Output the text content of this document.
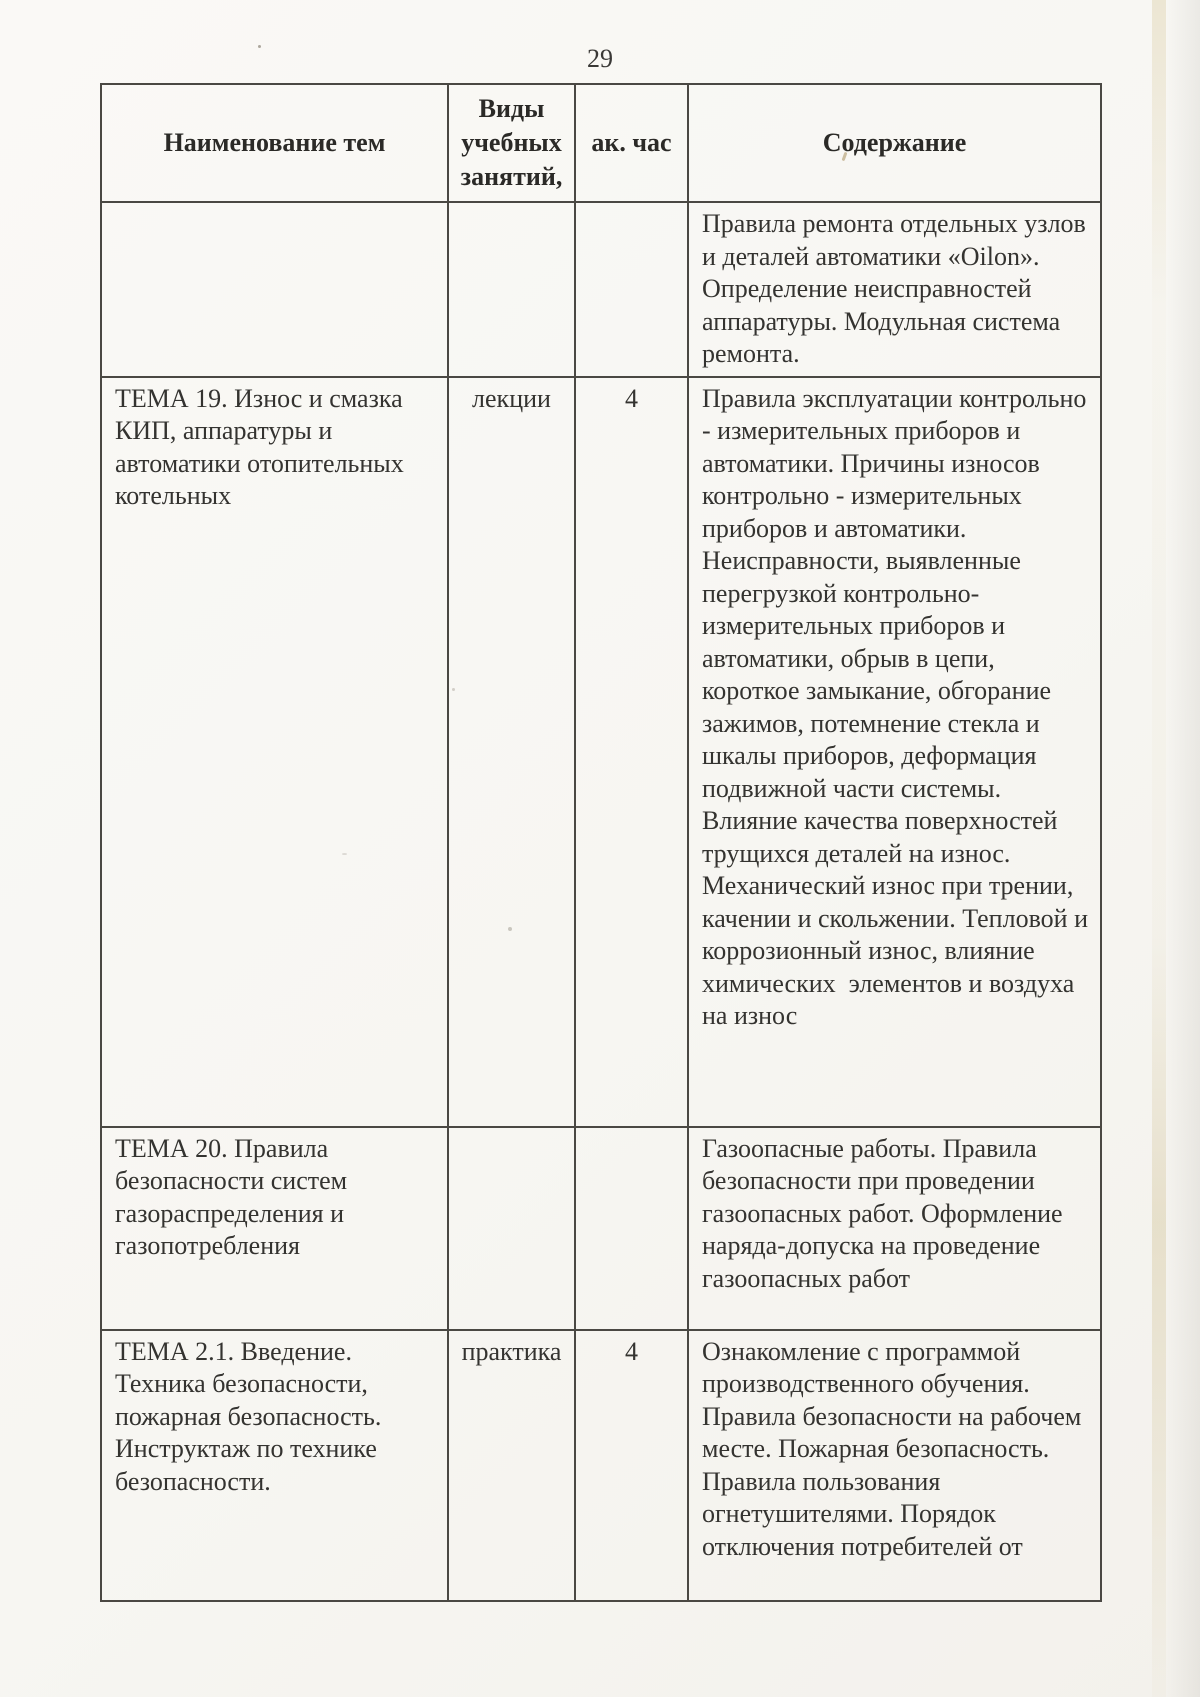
29
Наименование тем	Виды учебных занятий,	ак. час	Содержание
			Правила ремонта отдельных узлов и деталей автоматики «Oilon». Определение неисправностей аппаратуры. Модульная система ремонта.
ТЕМА 19. Износ и смазка КИП, аппаратуры и автоматики отопительных котельных	лекции	4	Правила эксплуатации контрольно - измерительных приборов и автоматики. Причины износов контрольно - измерительных приборов и автоматики. Неисправности, выявленные перегрузкой контрольно-измерительных приборов и автоматики, обрыв в цепи, короткое замыкание, обгорание зажимов, потемнение стекла и шкалы приборов, деформация подвижной части системы. Влияние качества поверхностей трущихся деталей на износ. Механический износ при трении, качении и скольжении. Тепловой и коррозионный износ, влияние химических  элементов и воздуха на износ
ТЕМА 20. Правила безопасности систем газораспределения и газопотребления			Газоопасные работы. Правила безопасности при проведении газоопасных работ. Оформление наряда-допуска на проведение  газоопасных работ
ТЕМА 2.1. Введение. Техника безопасности, пожарная безопасность. Инструктаж по технике безопасности.	практика	4	Ознакомление с программой производственного обучения. Правила безопасности на рабочем месте. Пожарная безопасность. Правила пользования огнетушителями. Порядок отключения потребителей от
